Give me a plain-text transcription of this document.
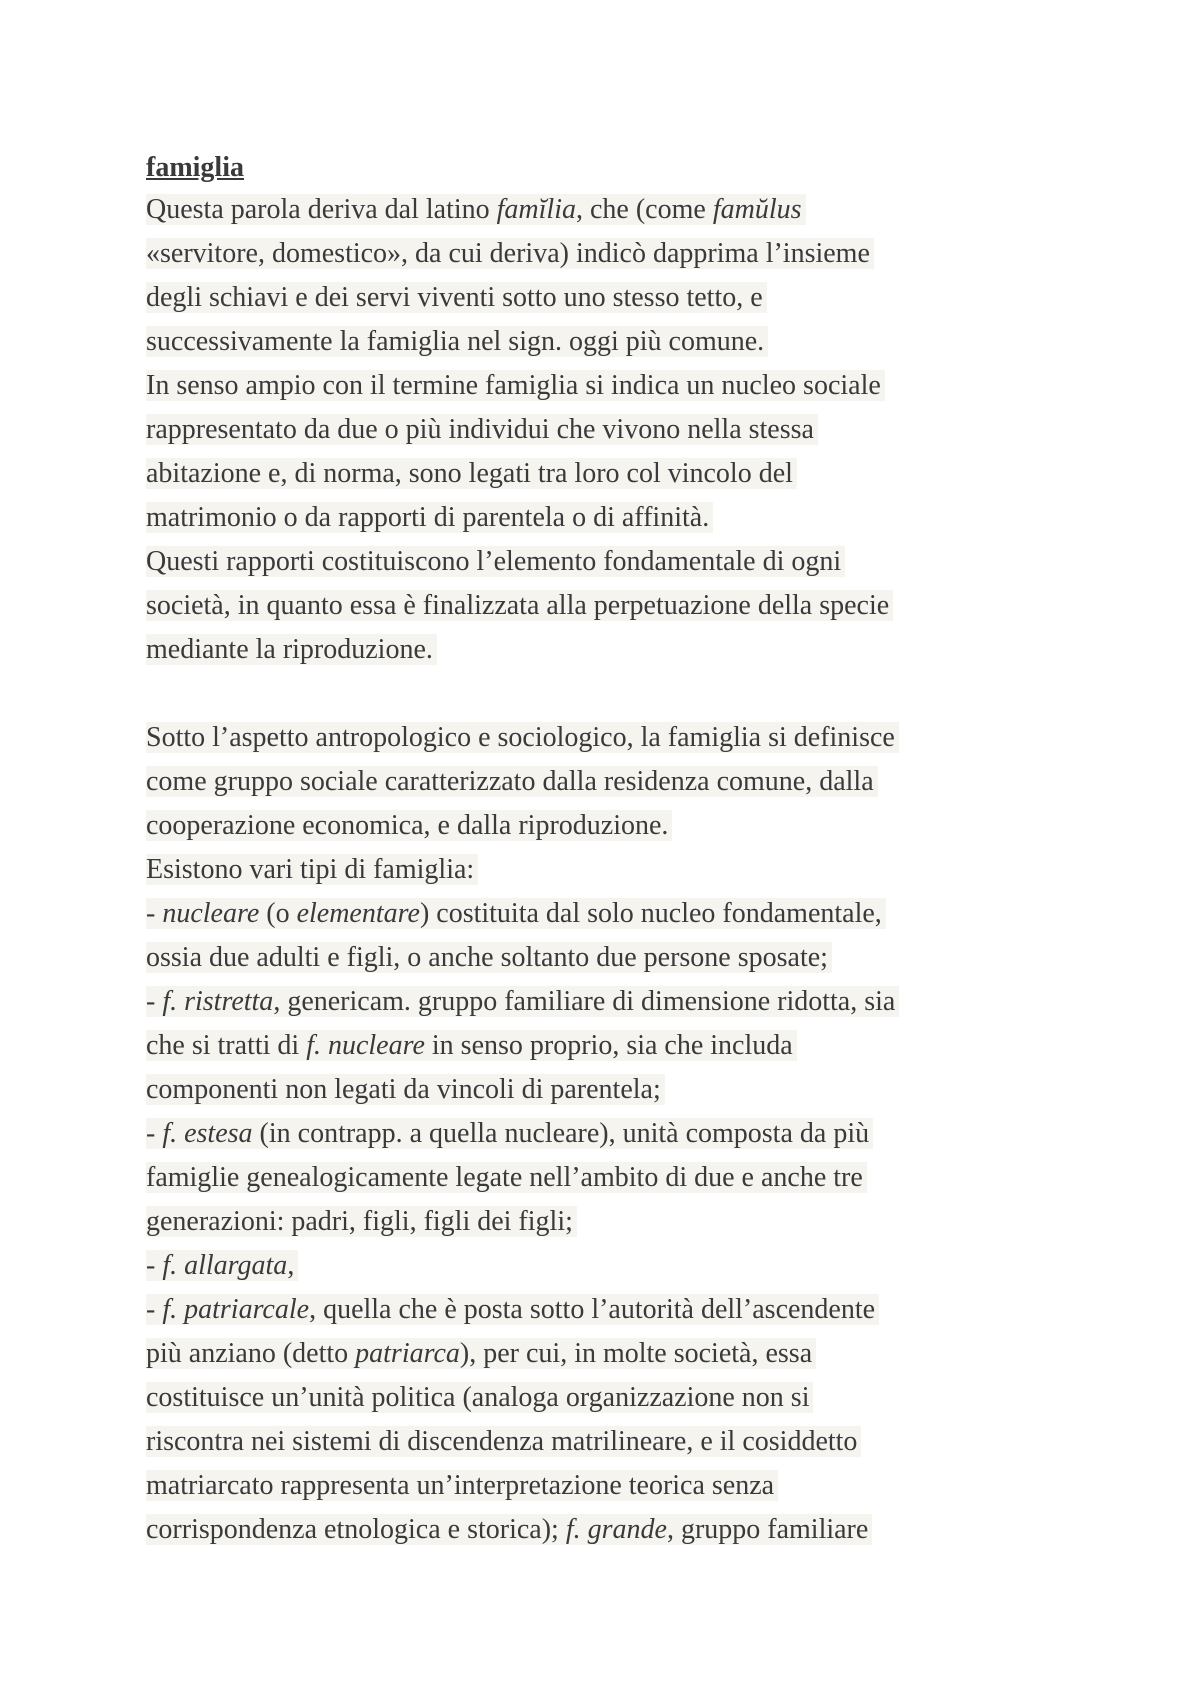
famiglia
Questa parola deriva dal latino famĭlia, che (come famŭlus
«servitore, domestico», da cui deriva) indicò dapprima l’insieme
degli schiavi e dei servi viventi sotto uno stesso tetto, e
successivamente la famiglia nel sign. oggi più comune.
In senso ampio con il termine famiglia si indica un nucleo sociale
rappresentato da due o più individui che vivono nella stessa
abitazione e, di norma, sono legati tra loro col vincolo del
matrimonio o da rapporti di parentela o di affinità.
Questi rapporti costituiscono l’elemento fondamentale di ogni
società, in quanto essa è finalizzata alla perpetuazione della specie
mediante la riproduzione.
Sotto l’aspetto antropologico e sociologico, la famiglia si definisce
come gruppo sociale caratterizzato dalla residenza comune, dalla
cooperazione economica, e dalla riproduzione.
Esistono vari tipi di famiglia:
- nucleare (o elementare) costituita dal solo nucleo fondamentale,
ossia due adulti e figli, o anche soltanto due persone sposate;
- f. ristretta, genericam. gruppo familiare di dimensione ridotta, sia
che si tratti di f. nucleare in senso proprio, sia che includa
componenti non legati da vincoli di parentela;
- f. estesa (in contrapp. a quella nucleare), unità composta da più
famiglie genealogicamente legate nell’ambito di due e anche tre
generazioni: padri, figli, figli dei figli;
- f. allargata,
- f. patriarcale, quella che è posta sotto l’autorità dell’ascendente
più anziano (detto patriarca), per cui, in molte società, essa
costituisce un’unità politica (analoga organizzazione non si
riscontra nei sistemi di discendenza matrilineare, e il cosiddetto
matriarcato rappresenta un’interpretazione teorica senza
corrispondenza etnologica e storica); f. grande, gruppo familiare
